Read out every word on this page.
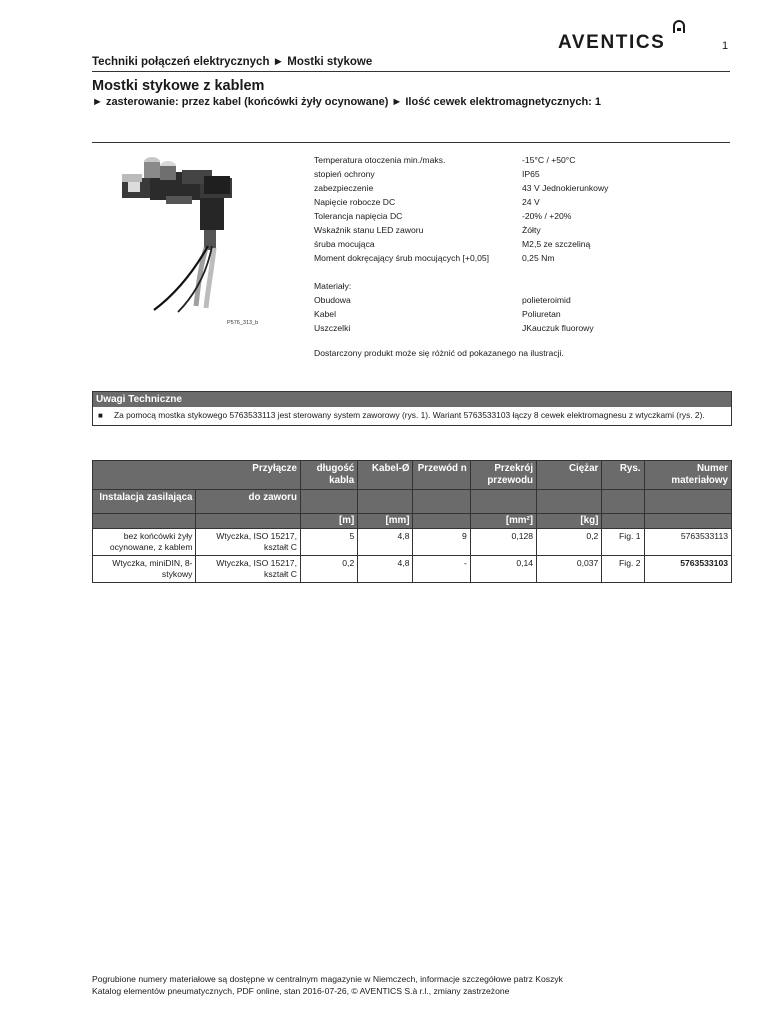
AVENTICS	1
Techniki połączeń elektrycznych ► Mostki stykowe
Mostki stykowe z kablem
► zasterowanie: przez kabel (końcówki żyły ocynowane) ► Ilość cewek elektromagnetycznych: 1
P576_313_b
Temperatura otoczenia min./maks.	-15°C / +50°C
stopień ochrony	IP65
zabezpieczenie	43 V Jednokierunkowy
Napięcie robocze DC	24 V
Tolerancja napięcia DC	-20% / +20%
Wskaźnik stanu LED zaworu	Żółty
śruba mocująca	M2,5 ze szczeliną
Moment dokręcający śrub mocujących [+0,05]	0,25 Nm
Materiały:
Obudowa	polieteroimid
Kabel	Poliuretan
Uszczelki	JKauczuk fluorowy
Dostarczony produkt może się różnić od pokazanego na ilustracji.
Uwagi Techniczne
■	Za pomocą mostka stykowego 5763533113 jest sterowany system zaworowy (rys. 1). Wariant 5763533103 łączy 8 cewek elektromagnesu z wtyczkami (rys. 2).
Przyłącze		długość kabla	Kabel-Ø	Przewód n	Przekrój przewodu	Ciężar	Rys.	Numer materiałowy
Instalacja zasilająca	do zaworu							
		[m]	[mm]		[mm²]	[kg]		
bez końcówki żyły ocynowane, z kablem	Wtyczka, ISO 15217, kształt C	5	4,8	9	0,128	0,2	Fig. 1	5763533113
Wtyczka, miniDIN, 8-stykowy	Wtyczka, ISO 15217, kształt C	0,2	4,8	-	0,14	0,037	Fig. 2	5763533103
Pogrubione numery materiałowe są dostępne w centralnym magazynie w Niemczech, informacje szczegółowe patrz Koszyk
Katalog elementów pneumatycznych, PDF online, stan 2016-07-26, © AVENTICS S.à r.l., zmiany zastrzeżone
